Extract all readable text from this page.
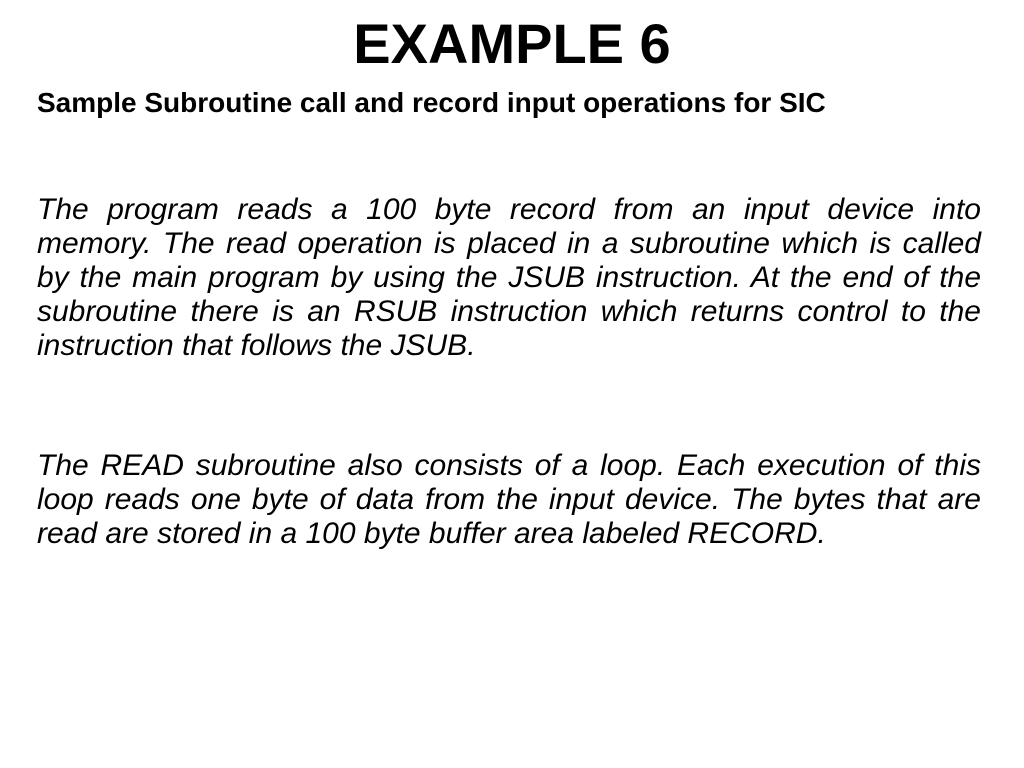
EXAMPLE 6

Sample Subroutine call and record input operations for SIC

The program reads a 100 byte record from an input device into memory. The read operation is placed in a subroutine which is called by the main program by using the JSUB instruction. At the end of the subroutine there is an RSUB instruction which returns control to the instruction that follows the JSUB.

The READ subroutine also consists of a loop. Each execution of this loop reads one byte of data from the input device. The bytes that are read are stored in a 100 byte buffer area labeled RECORD.
